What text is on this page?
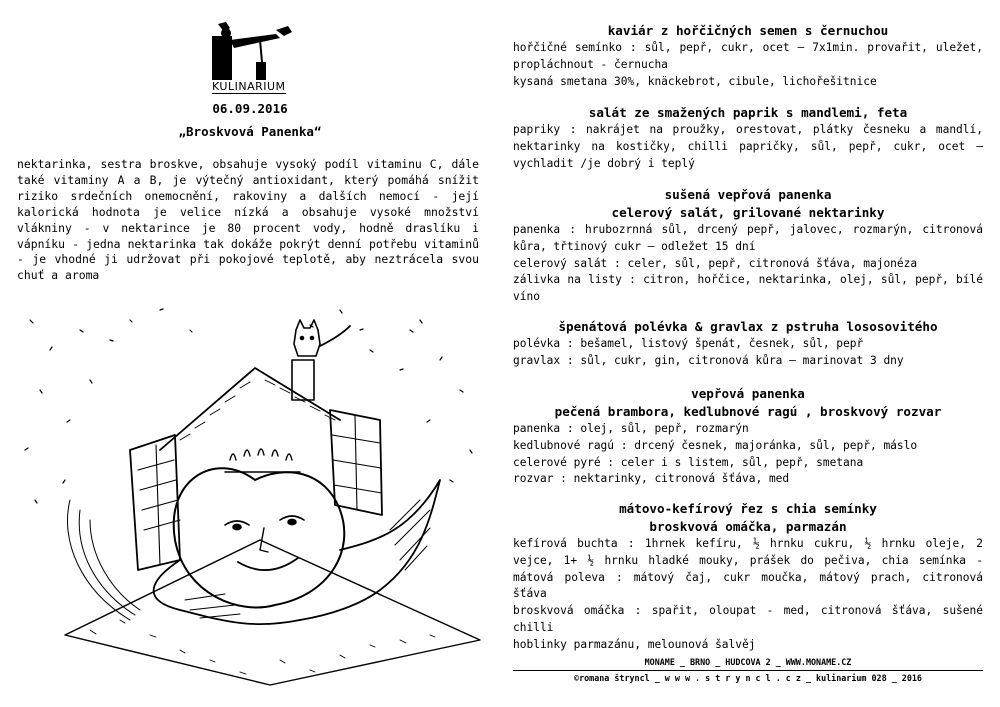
KULINARIUM
06.09.2016
„Broskvová Panenka“

nektarinka, sestra broskve, obsahuje vysoký podíl vitaminu C, dále také vitaminy A a B, je výtečný antioxidant, který pomáhá snížit riziko srdečních onemocnění, rakoviny a dalších nemocí - její kalorická hodnota je velice nízká a obsahuje vysoké množství vlákniny - v nektarince je 80 procent vody, hodně draslíku i vápníku - jedna nektarinka tak dokáže pokrýt denní potřebu vitaminů - je vhodné ji udržovat při pokojové teplotě, aby neztrácela svou chuť a aroma

kaviár z hořčičných semen s černuchou
hořčičné semínko : sůl, pepř, cukr, ocet – 7x1min. provařit, uležet, propláchnout - černucha
kysaná smetana 30%, knäckebrot, cibule, lichořešitnice
salát ze smažených paprik s mandlemi, feta
papriky : nakrájet na proužky, orestovat, plátky česneku a mandlí, nektarinky na kostičky, chilli papričky, sůl, pepř, cukr, ocet – vychladit /je dobrý i teplý
sušená vepřová panenka
celerový salát, grilované nektarinky
panenka : hrubozrnná sůl, drcený pepř, jalovec, rozmarýn, citronová kůra, třtinový cukr – odležet 15 dní
celerový salát : celer, sůl, pepř, citronová šťáva, majonéza
zálivka na listy : citron, hořčice, nektarinka, olej, sůl, pepř, bílé víno
špenátová polévka & gravlax z pstruha lososovitého
polévka : bešamel, listový špenát, česnek, sůl, pepř
gravlax : sůl, cukr, gin, citronová kůra – marinovat 3 dny
vepřová panenka
pečená brambora, kedlubnové ragú , broskvový rozvar
panenka : olej, sůl, pepř, rozmarýn
kedlubnové ragú : drcený česnek, majoránka, sůl, pepř, máslo
celerové pyré : celer i s listem, sůl, pepř, smetana
rozvar : nektarinky, citronová šťáva, med
mátovo-kefírový řez s chia semínky
broskvová omáčka, parmazán
kefírová buchta : 1hrnek kefíru, ½ hrnku cukru, ½ hrnku oleje, 2 vejce, 1+ ½ hrnku hladké mouky, prášek do pečiva, chia semínka - mátová poleva : mátový čaj, cukr moučka, mátový prach, citronová šťáva
broskvová omáčka : spařit, oloupat - med, citronová šťáva, sušené chilli
hoblinky parmazánu, melounová šalvěj
MONAME _ BRNO _ HUDCOVA 2 _ WWW.MONAME.CZ
©romana štryncl _ w w w . s t r y n c l . c z _ kulinarium 028 _ 2016
